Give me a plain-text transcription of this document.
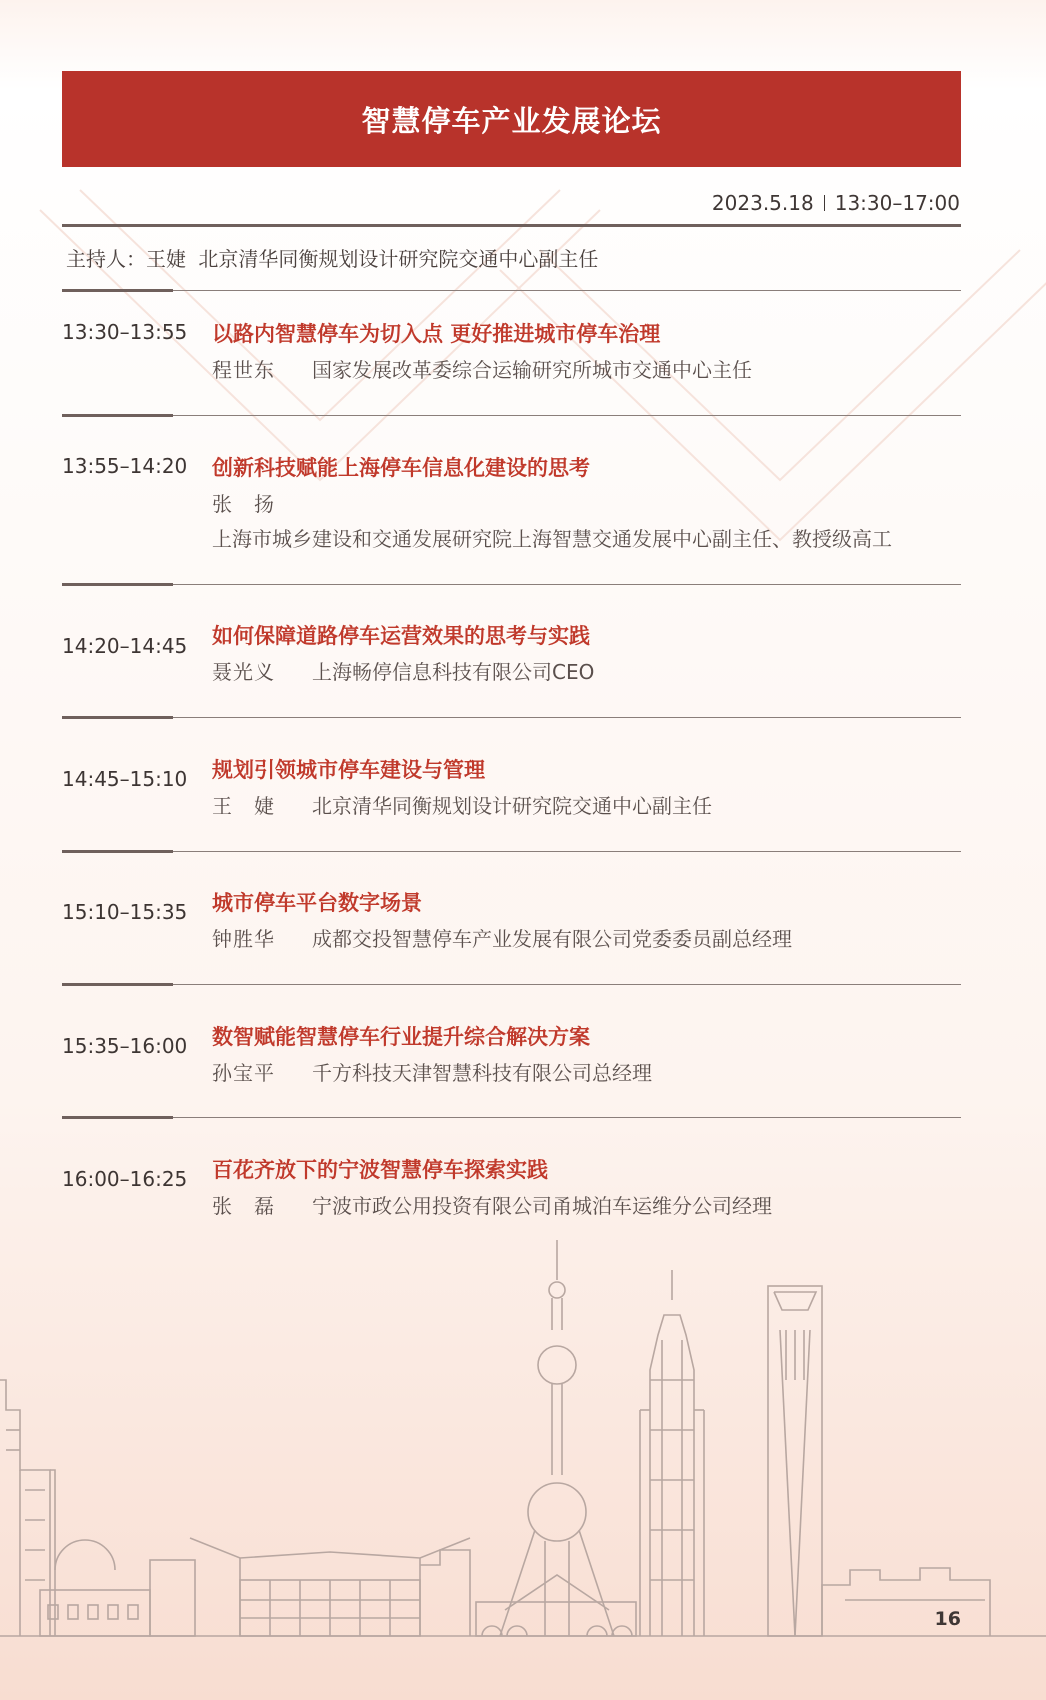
智慧停车产业发展论坛
2023.5.18 13:30–17:00
主持人：王婕 北京清华同衡规划设计研究院交通中心副主任
13:30–13:55 以路内智慧停车为切入点 更好推进城市停车治理
程世东 国家发展改革委综合运输研究所城市交通中心主任
13:55–14:20 创新科技赋能上海停车信息化建设的思考
张　扬
上海市城乡建设和交通发展研究院上海智慧交通发展中心副主任、教授级高工
14:20–14:45 如何保障道路停车运营效果的思考与实践
聂光义 上海畅停信息科技有限公司CEO
14:45–15:10 规划引领城市停车建设与管理
王　婕 北京清华同衡规划设计研究院交通中心副主任
15:10–15:35 城市停车平台数字场景
钟胜华 成都交投智慧停车产业发展有限公司党委委员副总经理
15:35–16:00 数智赋能智慧停车行业提升综合解决方案
孙宝平 千方科技天津智慧科技有限公司总经理
16:00–16:25 百花齐放下的宁波智慧停车探索实践
张　磊 宁波市政公用投资有限公司甬城泊车运维分公司经理
16
